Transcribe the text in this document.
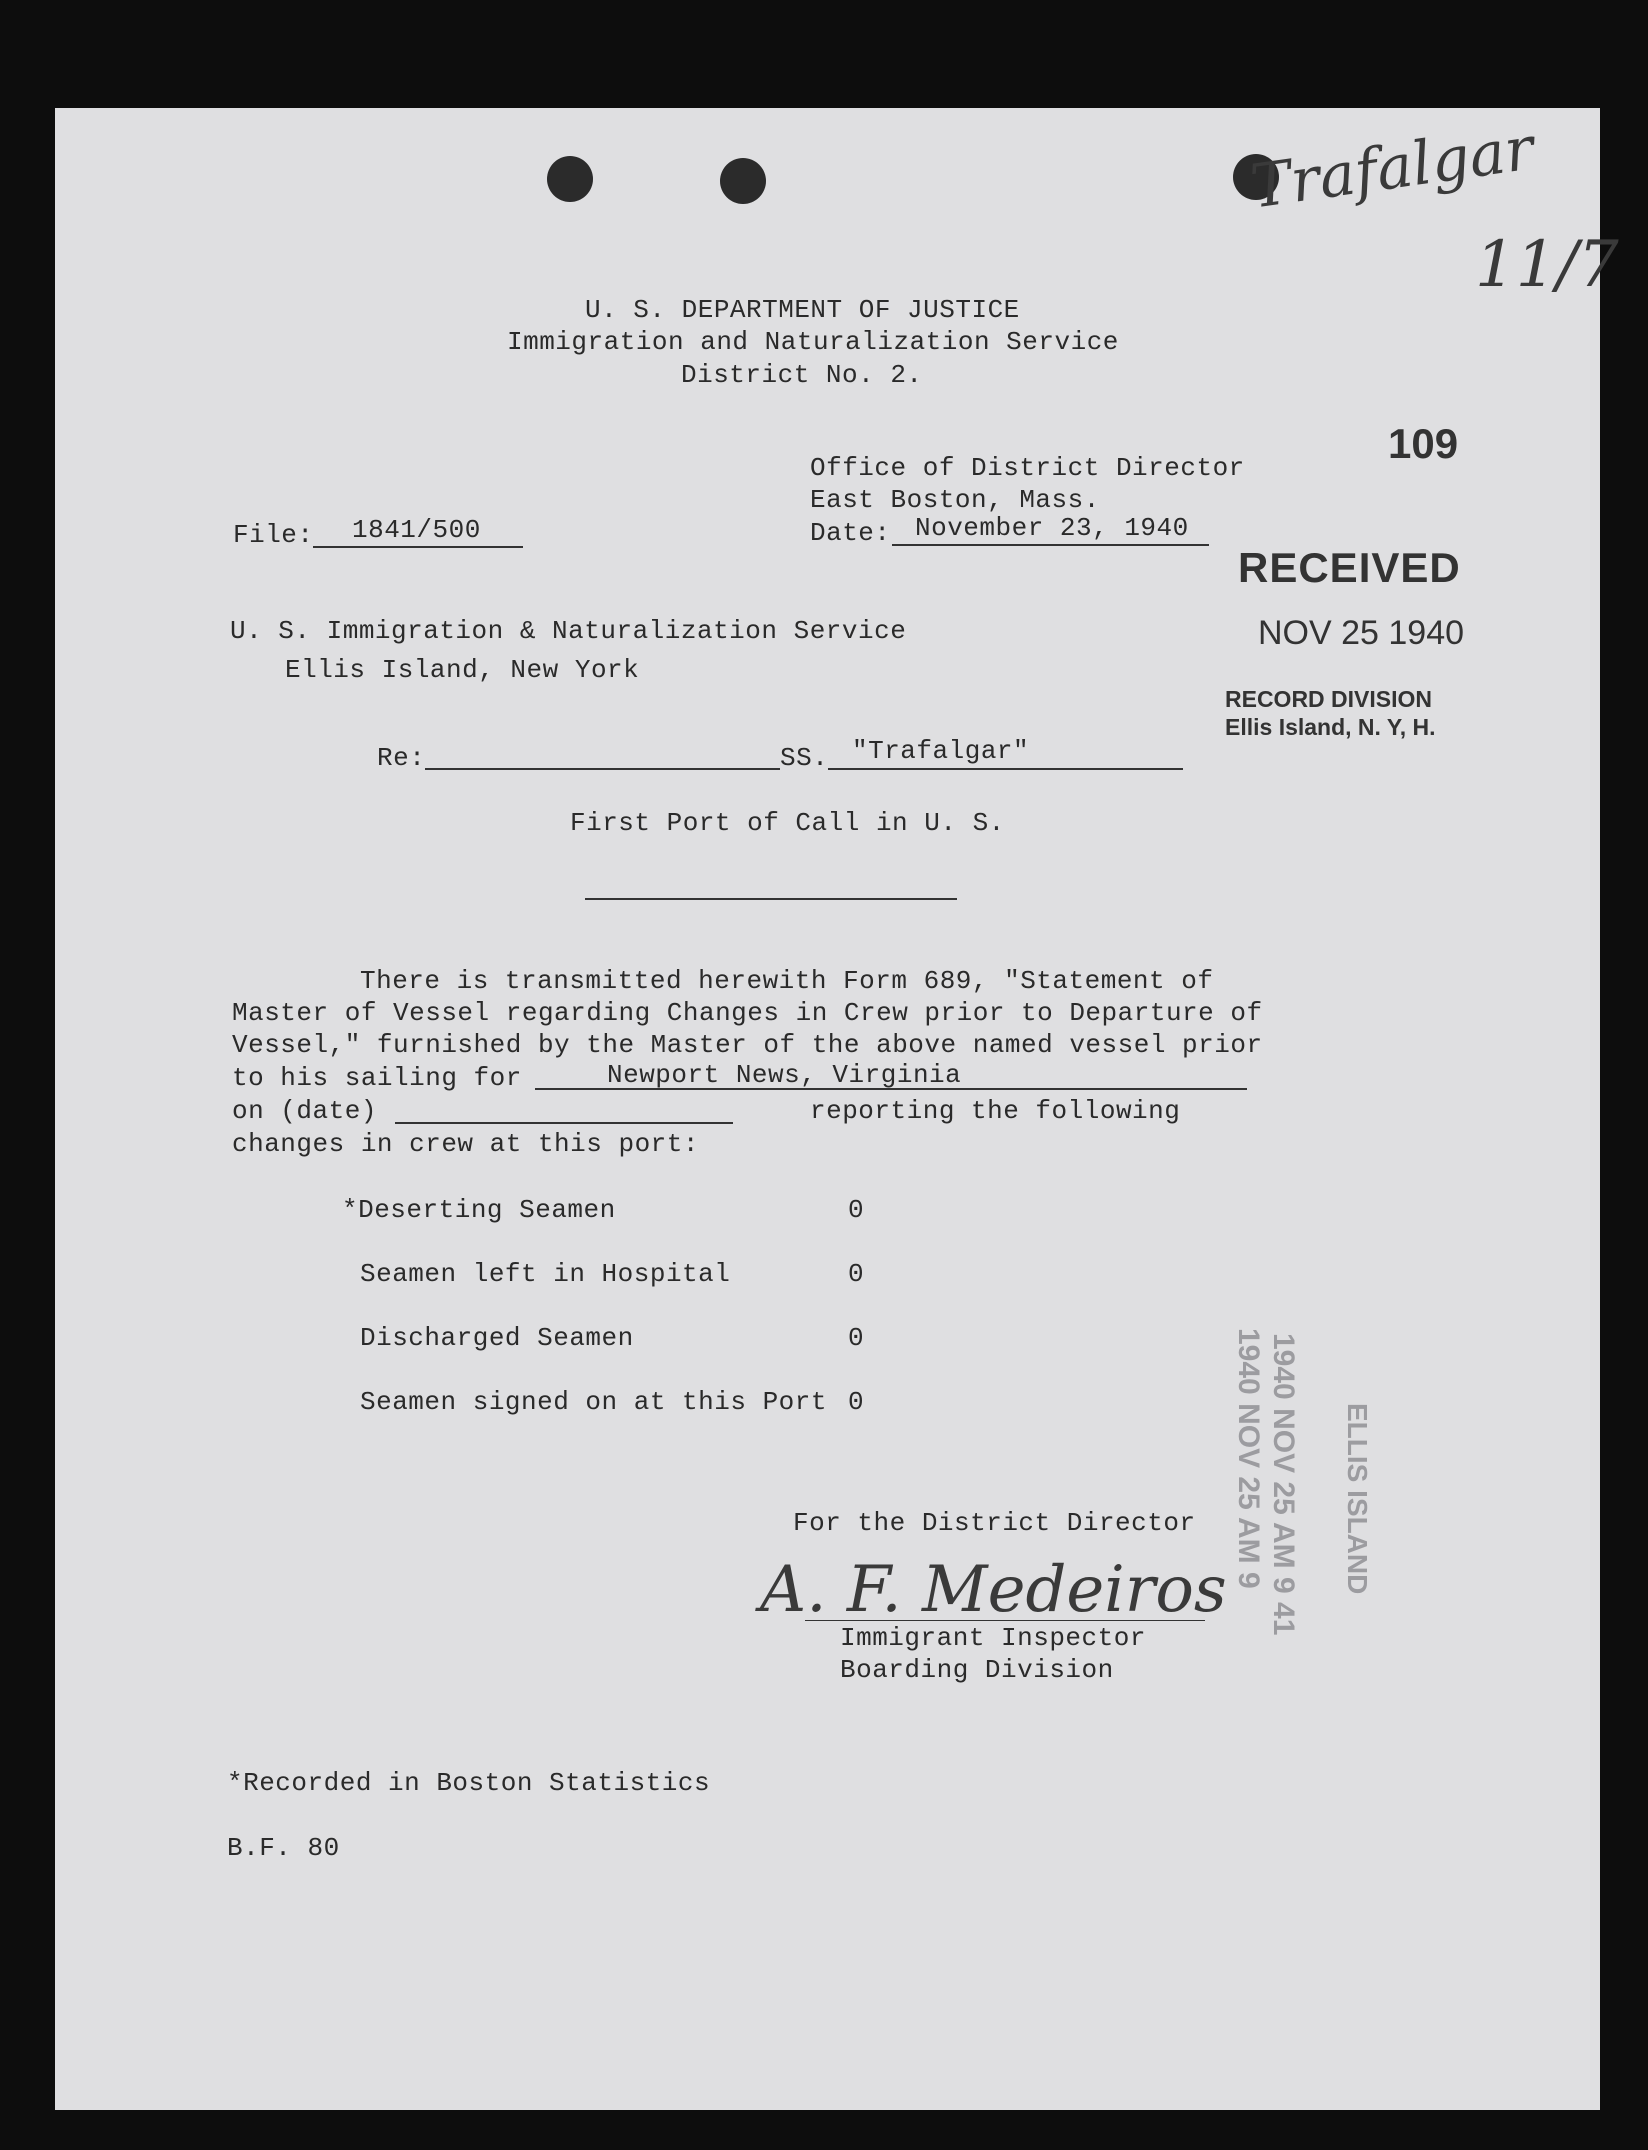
Trafalgar
11/7
U. S. DEPARTMENT OF JUSTICE
Immigration and Naturalization Service
District No. 2.
109
Office of District Director
East Boston, Mass.
Date: November 23, 1940
File: 1841/500
RECEIVED
NOV 25 1940
RECORD DIVISION
Ellis Island, N. Y, H.
U. S. Immigration & Naturalization Service
Ellis Island, New York
Re:	SS. "Trafalgar"
First Port of Call in U. S.
There is transmitted herewith Form 689, "Statement of
Master of Vessel regarding Changes in Crew prior to Departure of
Vessel," furnished by the Master of the above named vessel prior
to his sailing for	Newport News, Virginia
on (date)	reporting the following
changes in crew at this port:
*Deserting Seamen	0
Seamen left in Hospital	0
Discharged Seamen	0
Seamen signed on at this Port 0	1940 NOV 25 AM 9 41
1940 NOV 25 AM 9	ELLIS ISLAND
For the District Director
A. F. Medeiros
Immigrant Inspector
Boarding Division
*Recorded in Boston Statistics
B.F. 80
